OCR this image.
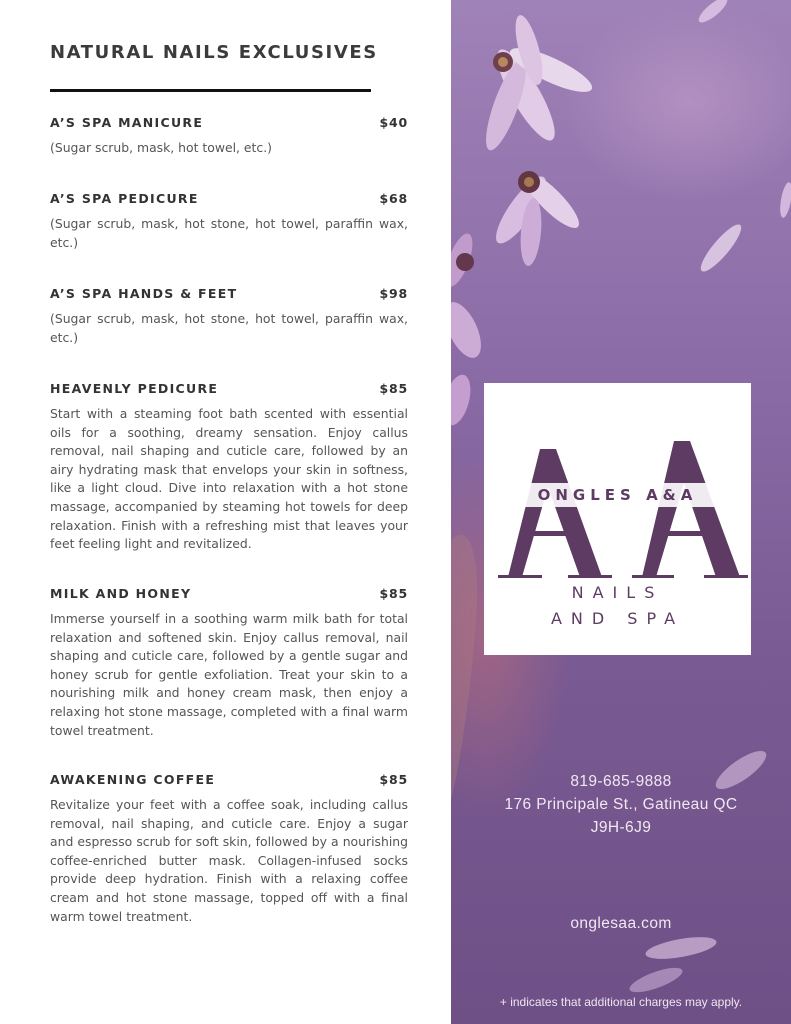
NATURAL NAILS EXCLUSIVES
A’S SPA MANICURE	$40
(Sugar scrub, mask, hot towel, etc.)
A’S SPA PEDICURE	$68
(Sugar scrub, mask, hot stone, hot towel, paraffin wax, etc.)
A’S SPA HANDS & FEET	$98
(Sugar scrub, mask, hot stone, hot towel, paraffin wax, etc.)
HEAVENLY PEDICURE	$85
Start with a steaming foot bath scented with essential oils for a soothing, dreamy sensation. Enjoy callus removal, nail shaping and cuticle care, followed by an airy hydrating mask that envelops your skin in softness, like a light cloud. Dive into relaxation with a hot stone massage, accompanied by steaming hot towels for deep relaxation. Finish with a refreshing mist that leaves your feet feeling light and revitalized.
MILK AND HONEY	$85
Immerse yourself in a soothing warm milk bath for total relaxation and softened skin. Enjoy callus removal, nail shaping and cuticle care, followed by a gentle sugar and honey scrub for gentle exfoliation. Treat your skin to a nourishing milk and honey cream mask, then enjoy a relaxing hot stone massage, completed with a final warm towel treatment.
AWAKENING COFFEE	$85
Revitalize your feet with a coffee soak, including callus removal, nail shaping, and cuticle care. Enjoy a sugar and espresso scrub for soft skin, followed by a nourishing coffee-enriched butter mask. Collagen-infused socks provide deep hydration. Finish with a relaxing coffee cream and hot stone massage, topped off with a final warm towel treatment.
ONGLES A&A
NAILS
AND SPA
819-685-9888
176 Principale St., Gatineau QC
J9H-6J9
onglesaa.com
+ indicates that additional charges may apply.
